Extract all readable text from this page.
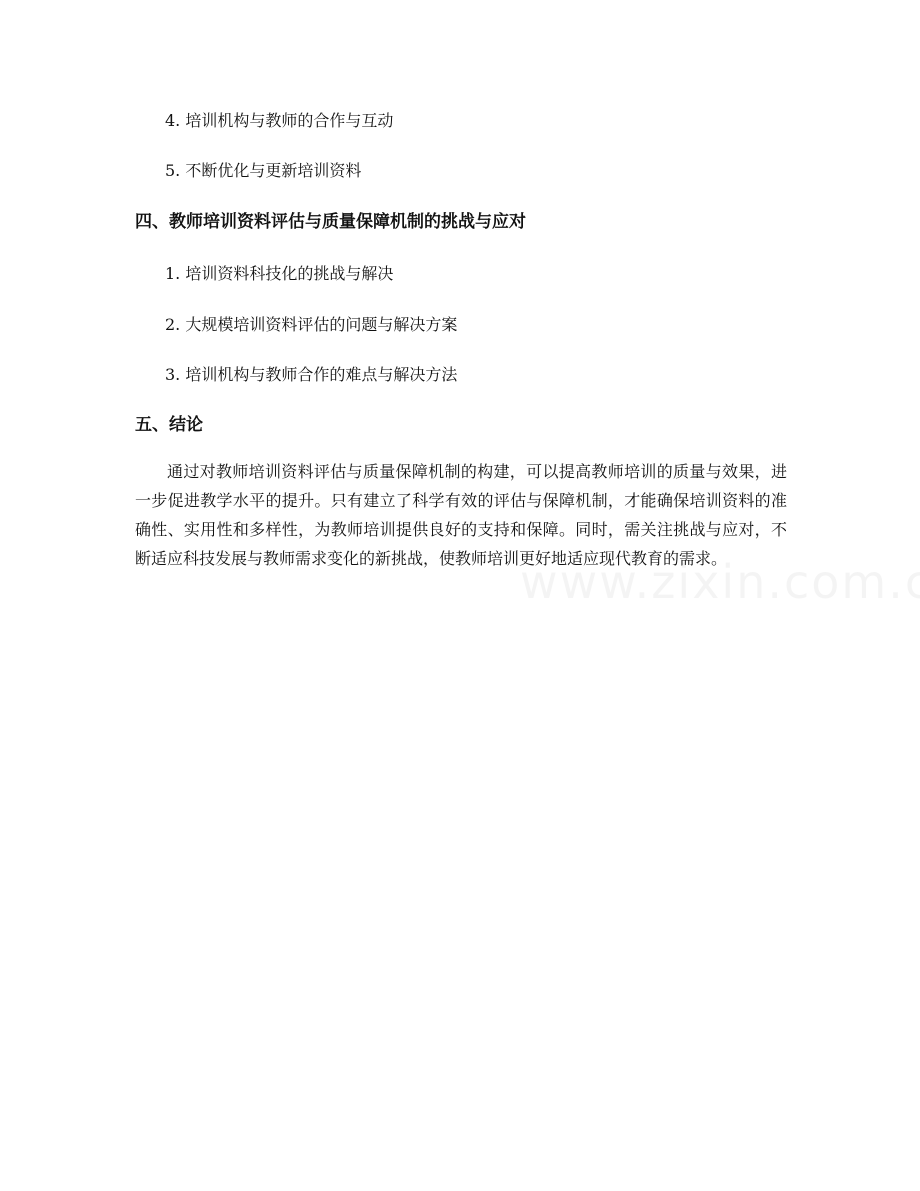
4. 培训机构与教师的合作与互动
5. 不断优化与更新培训资料
四、教师培训资料评估与质量保障机制的挑战与应对
1. 培训资料科技化的挑战与解决
2. 大规模培训资料评估的问题与解决方案
3. 培训机构与教师合作的难点与解决方法
五、结论
通过对教师培训资料评估与质量保障机制的构建，可以提高教师培训的质量与效果，进一步促进教学水平的提升。只有建立了科学有效的评估与保障机制，才能确保培训资料的准确性、实用性和多样性，为教师培训提供良好的支持和保障。同时，需关注挑战与应对，不断适应科技发展与教师需求变化的新挑战，使教师培训更好地适应现代教育的需求。
